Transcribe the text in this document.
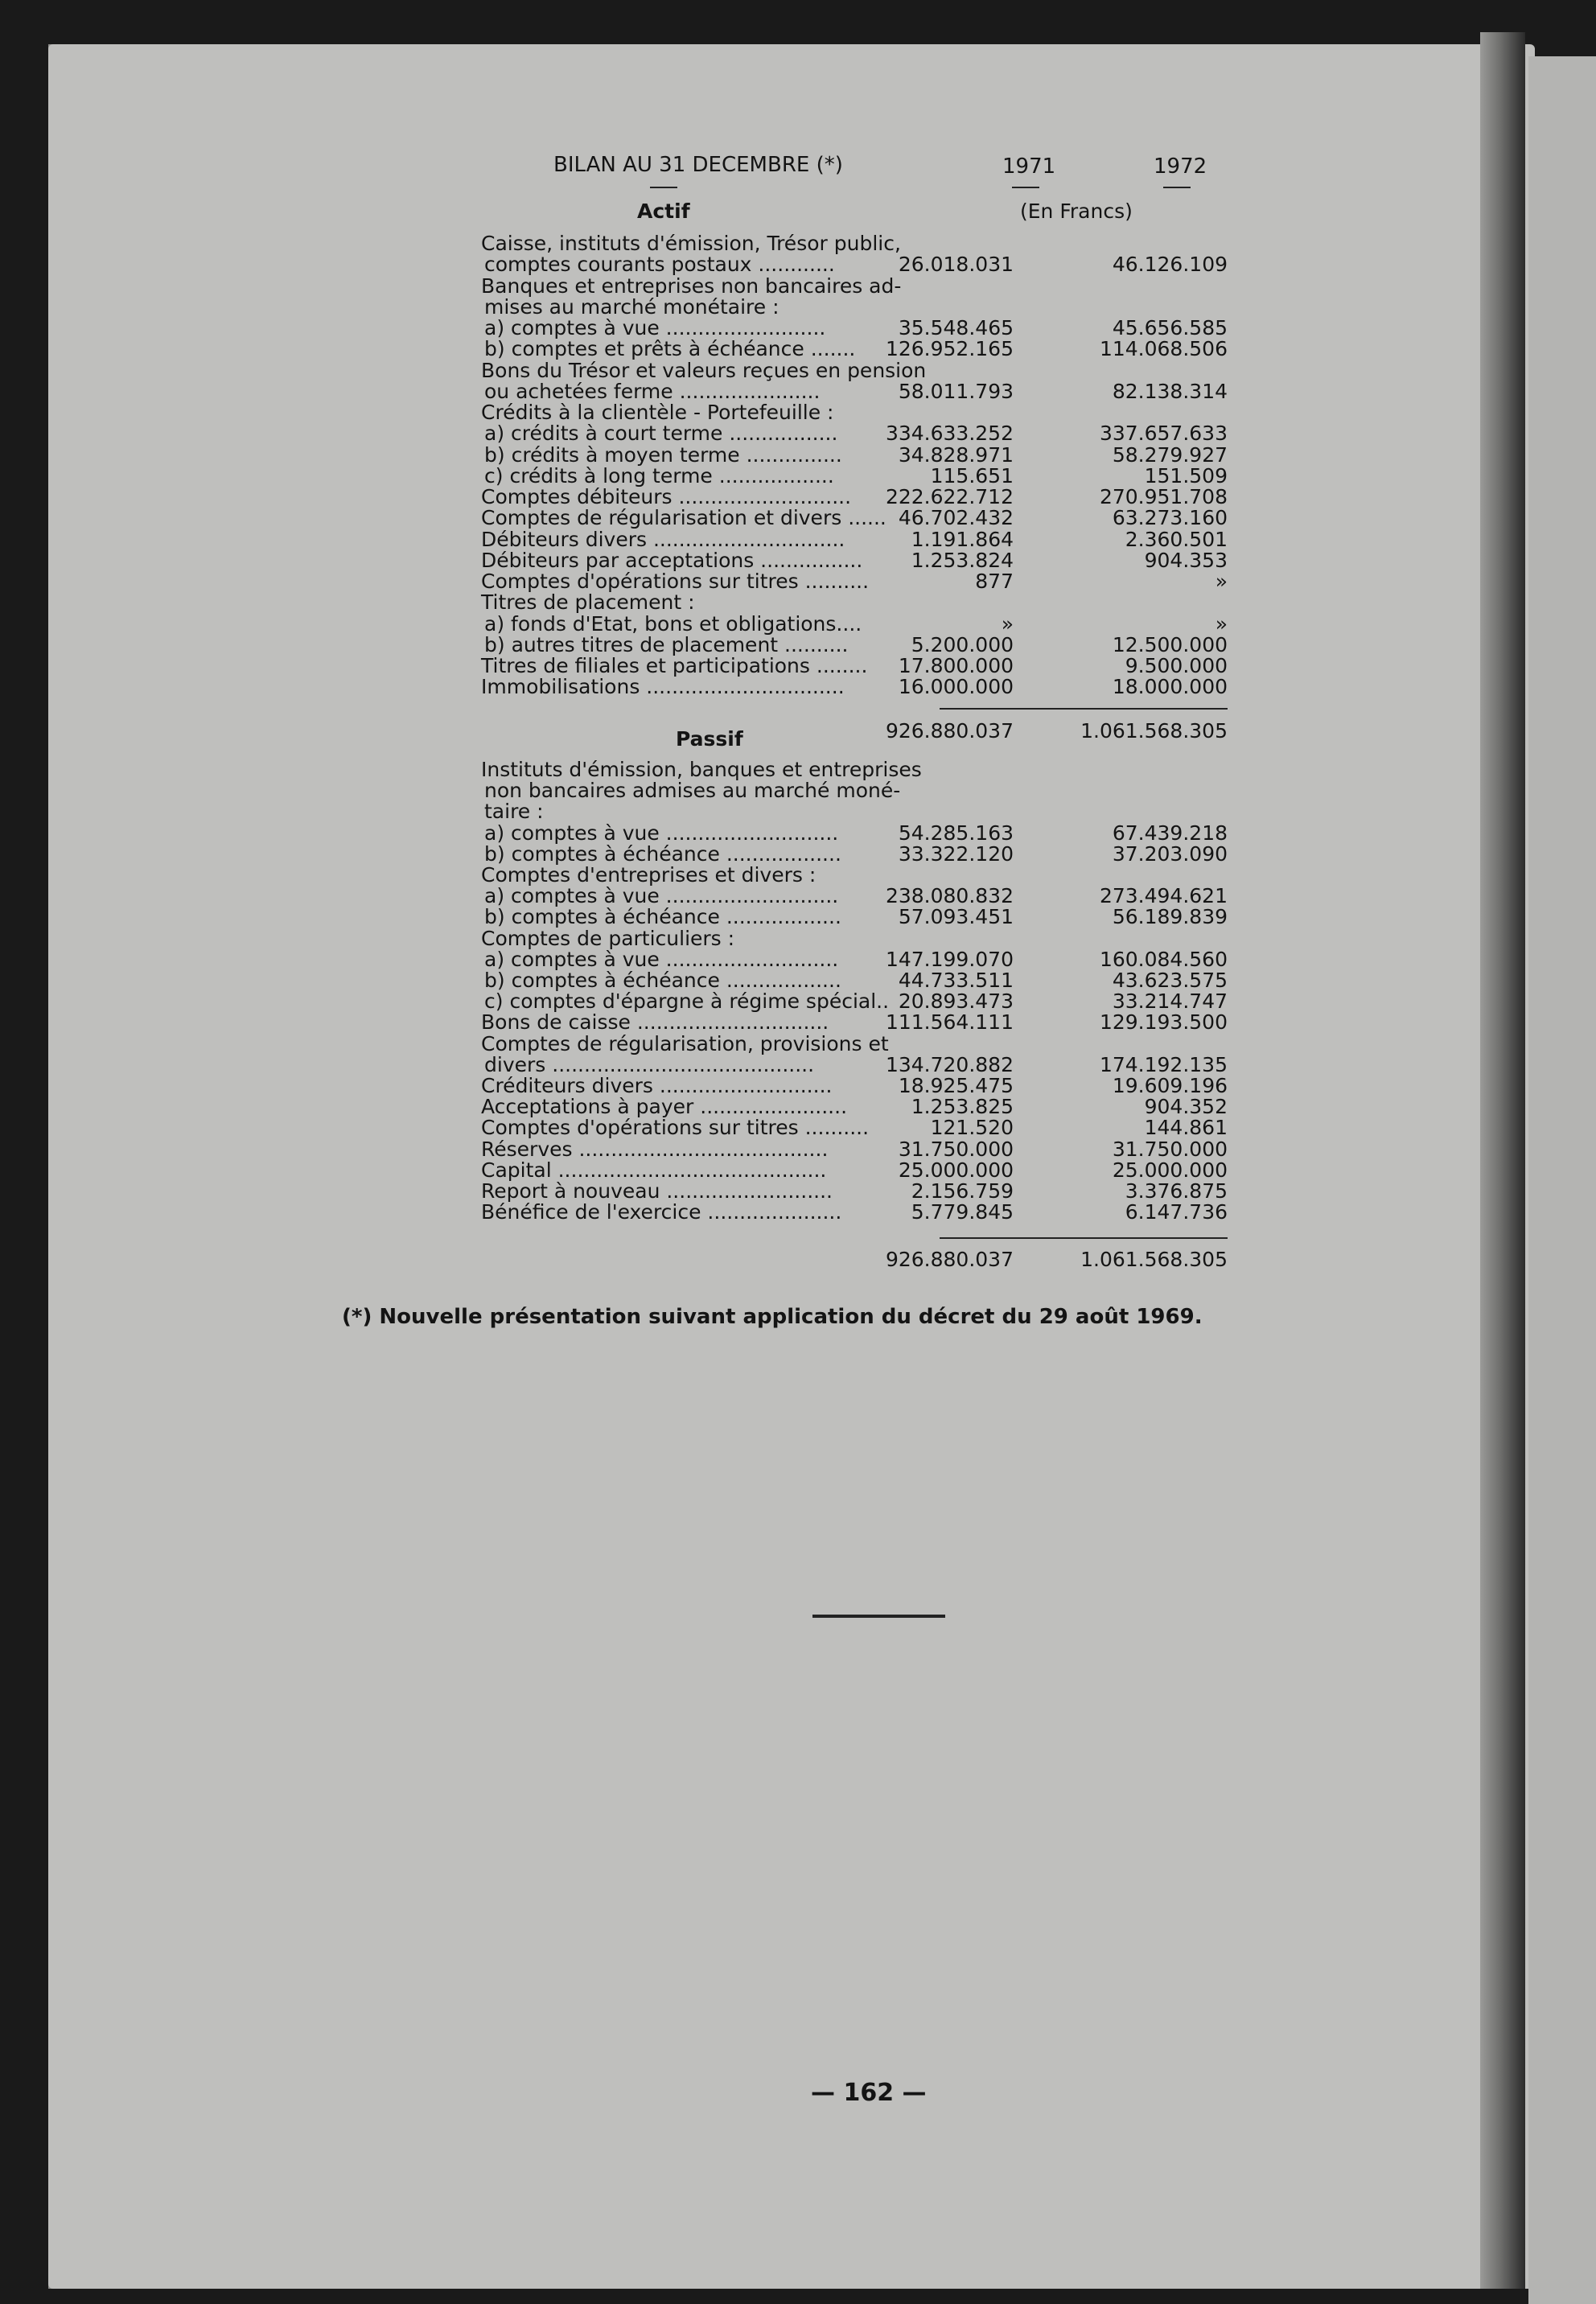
BILAN AU 31 DECEMBRE (*)	1971	1972
Actif	(En Francs)
Caisse, instituts d'émission, Trésor public,
comptes courants postaux ............	26.018.031	46.126.109
Banques et entreprises non bancaires ad-
mises au marché monétaire :
a) comptes à vue .........................	35.548.465	45.656.585
b) comptes et prêts à échéance ....... 126.952.165	114.068.506
Bons du Trésor et valeurs reçues en pension
ou achetées ferme ......................	58.011.793	82.138.314
Crédits à la clientèle - Portefeuille :
a) crédits à court terme ................. 334.633.252	337.657.633
b) crédits à moyen terme ...............	34.828.971	58.279.927
c) crédits à long terme ..................	115.651	151.509
Comptes débiteurs ........................... 222.622.712	270.951.708
Comptes de régularisation et divers ...... 46.702.432	63.273.160
Débiteurs divers ..............................	1.191.864	2.360.501
Débiteurs par acceptations ................ 1.253.824	904.353
Comptes d'opérations sur titres ..........	877	»
Titres de placement :
a) fonds d'Etat, bons et obligations....	»	»
b) autres titres de placement ..........	5.200.000	12.500.000
Titres de filiales et participations ........ 17.800.000	9.500.000
Immobilisations ...............................	16.000.000	18.000.000
926.880.037	1.061.568.305
Passif
Instituts d'émission, banques et entreprises
non bancaires admises au marché moné-
taire :
a) comptes à vue ...........................	54.285.163	67.439.218
b) comptes à échéance ..................	33.322.120	37.203.090
Comptes d'entreprises et divers :
a) comptes à vue ........................... 238.080.832	273.494.621
b) comptes à échéance ..................	57.093.451	56.189.839
Comptes de particuliers :
a) comptes à vue ........................... 147.199.070	160.084.560
b) comptes à échéance ..................	44.733.511	43.623.575
c) comptes d'épargne à régime spécial.. 20.893.473	33.214.747
Bons de caisse ..............................	111.564.111	129.193.500
Comptes de régularisation, provisions et
divers .........................................	134.720.882	174.192.135
Créditeurs divers ...........................	18.925.475	19.609.196
Acceptations à payer .......................	1.253.825	904.352
Comptes d'opérations sur titres ..........	121.520	144.861
Réserves .......................................	31.750.000	31.750.000
Capital ..........................................	25.000.000	25.000.000
Report à nouveau ..........................	2.156.759	3.376.875
Bénéfice de l'exercice .....................	5.779.845	6.147.736
926.880.037	1.061.568.305
(*) Nouvelle présentation suivant application du décret du 29 août 1969.
— 162 —
